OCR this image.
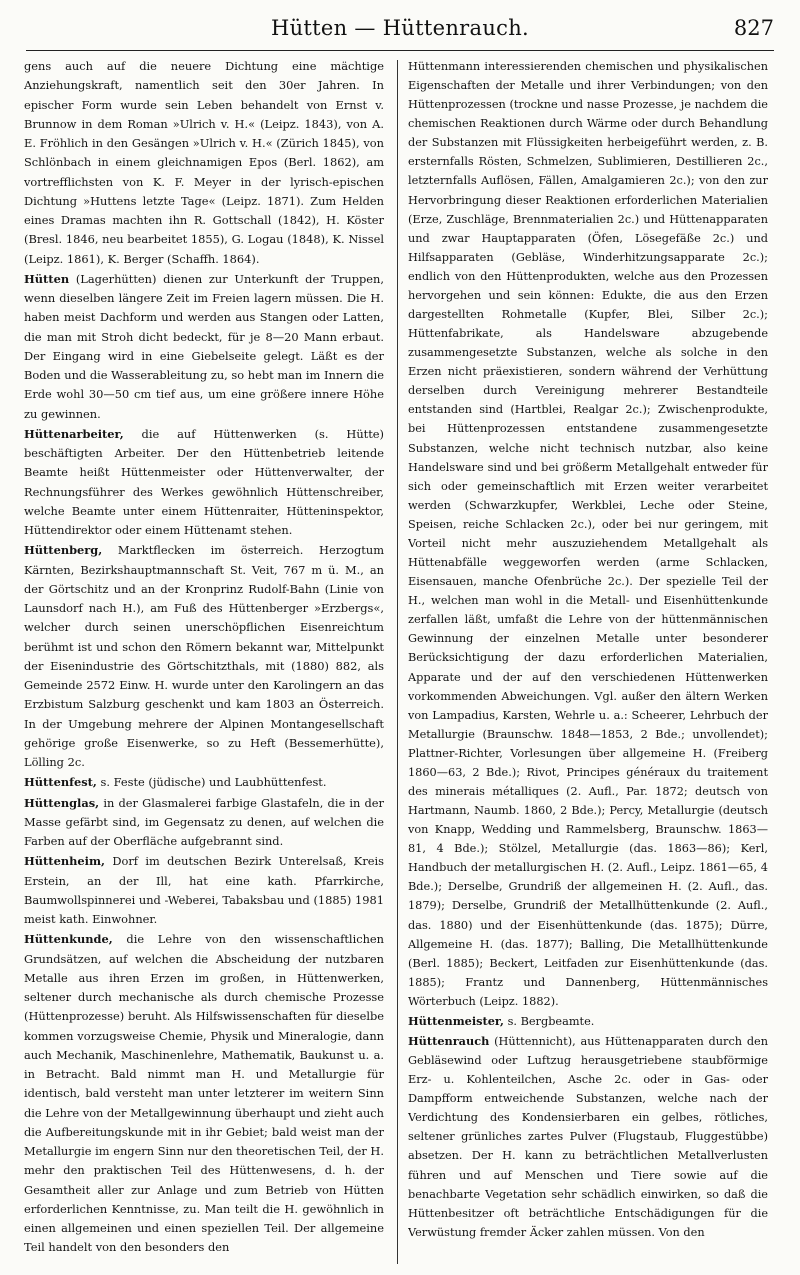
Hütten — Hüttenrauch.	827

gens auch auf die neuere Dichtung eine mächtige Anziehungskraft, namentlich seit den 30er Jahren. In epischer Form wurde sein Leben behandelt von Ernst v. Brunnow in dem Roman »Ulrich v. H.« (Leipz. 1843), von A. E. Fröhlich in den Gesängen »Ulrich v. H.« (Zürich 1845), von Schlönbach in einem gleichnamigen Epos (Berl. 1862), am vortrefflichsten von K. F. Meyer in der lyrisch-epischen Dichtung »Huttens letzte Tage« (Leipz. 1871). Zum Helden eines Dramas machten ihn R. Gottschall (1842), H. Köster (Bresl. 1846, neu bearbeitet 1855), G. Logau (1848), K. Nissel (Leipz. 1861), K. Berger (Schaffh. 1864).

Hütten (Lagerhütten) dienen zur Unterkunft der Truppen, wenn dieselben längere Zeit im Freien lagern müssen. Die H. haben meist Dachform und werden aus Stangen oder Latten, die man mit Stroh dicht bedeckt, für je 8—20 Mann erbaut. Der Eingang wird in eine Giebelseite gelegt. Läßt es der Boden und die Wasserableitung zu, so hebt man im Innern die Erde wohl 30—50 cm tief aus, um eine größere innere Höhe zu gewinnen.

Hüttenarbeiter, die auf Hüttenwerken (s. Hütte) beschäftigten Arbeiter. Der den Hüttenbetrieb leitende Beamte heißt Hüttenmeister oder Hüttenverwalter, der Rechnungsführer des Werkes gewöhnlich Hüttenschreiber, welche Beamte unter einem Hüttenraiter, Hütteninspektor, Hüttendirektor oder einem Hüttenamt stehen.

Hüttenberg, Marktflecken im österreich. Herzogtum Kärnten, Bezirkshauptmannschaft St. Veit, 767 m ü. M., an der Görtschitz und an der Kronprinz Rudolf-Bahn (Linie von Launsdorf nach H.), am Fuß des Hüttenberger »Erzbergs«, welcher durch seinen unerschöpflichen Eisenreichtum berühmt ist und schon den Römern bekannt war, Mittelpunkt der Eisenindustrie des Görtschitzthals, mit (1880) 882, als Gemeinde 2572 Einw. H. wurde unter den Karolingern an das Erzbistum Salzburg geschenkt und kam 1803 an Österreich. In der Umgebung mehrere der Alpinen Montangesellschaft gehörige große Eisenwerke, so zu Heft (Bessemerhütte), Lölling 2c.

Hüttenfest, s. Feste (jüdische) und Laubhüttenfest.

Hüttenglas, in der Glasmalerei farbige Glastafeln, die in der Masse gefärbt sind, im Gegensatz zu denen, auf welchen die Farben auf der Oberfläche aufgebrannt sind.

Hüttenheim, Dorf im deutschen Bezirk Unterelsaß, Kreis Erstein, an der Ill, hat eine kath. Pfarrkirche, Baumwollspinnerei und -Weberei, Tabaksbau und (1885) 1981 meist kath. Einwohner.

Hüttenkunde, die Lehre von den wissenschaftlichen Grundsätzen, auf welchen die Abscheidung der nutzbaren Metalle aus ihren Erzen im großen, in Hüttenwerken, seltener durch mechanische als durch chemische Prozesse (Hüttenprozesse) beruht. Als Hilfswissenschaften für dieselbe kommen vorzugsweise Chemie, Physik und Mineralogie, dann auch Mechanik, Maschinenlehre, Mathematik, Baukunst u. a. in Betracht. Bald nimmt man H. und Metallurgie für identisch, bald versteht man unter letzterer im weitern Sinn die Lehre von der Metallgewinnung überhaupt und zieht auch die Aufbereitungskunde mit in ihr Gebiet; bald weist man der Metallurgie im engern Sinn nur den theoretischen Teil, der H. mehr den praktischen Teil des Hüttenwesens, d. h. der Gesamtheit aller zur Anlage und zum Betrieb von Hütten erforderlichen Kenntnisse, zu. Man teilt die H. gewöhnlich in einen allgemeinen und einen speziellen Teil. Der allgemeine Teil handelt von den besonders den

Hüttenmann interessierenden chemischen und physikalischen Eigenschaften der Metalle und ihrer Verbindungen; von den Hüttenprozessen (trockne und nasse Prozesse, je nachdem die chemischen Reaktionen durch Wärme oder durch Behandlung der Substanzen mit Flüssigkeiten herbeigeführt werden, z. B. ersternfalls Rösten, Schmelzen, Sublimieren, Destillieren 2c., letzternfalls Auflösen, Fällen, Amalgamieren 2c.); von den zur Hervorbringung dieser Reaktionen erforderlichen Materialien (Erze, Zuschläge, Brennmaterialien 2c.) und Hüttenapparaten und zwar Hauptapparaten (Öfen, Lösegefäße 2c.) und Hilfsapparaten (Gebläse, Winderhitzungsapparate 2c.); endlich von den Hüttenprodukten, welche aus den Prozessen hervorgehen und sein können: Edukte, die aus den Erzen dargestellten Rohmetalle (Kupfer, Blei, Silber 2c.); Hüttenfabrikate, als Handelsware abzugebende zusammengesetzte Substanzen, welche als solche in den Erzen nicht präexistieren, sondern während der Verhüttung derselben durch Vereinigung mehrerer Bestandteile entstanden sind (Hartblei, Realgar 2c.); Zwischenprodukte, bei Hüttenprozessen entstandene zusammengesetzte Substanzen, welche nicht technisch nutzbar, also keine Handelsware sind und bei größerm Metallgehalt entweder für sich oder gemeinschaftlich mit Erzen weiter verarbeitet werden (Schwarzkupfer, Werkblei, Leche oder Steine, Speisen, reiche Schlacken 2c.), oder bei nur geringem, mit Vorteil nicht mehr auszuziehendem Metallgehalt als Hüttenabfälle weggeworfen werden (arme Schlacken, Eisensauen, manche Ofenbrüche 2c.). Der spezielle Teil der H., welchen man wohl in die Metall- und Eisenhüttenkunde zerfallen läßt, umfaßt die Lehre von der hüttenmännischen Gewinnung der einzelnen Metalle unter besonderer Berücksichtigung der dazu erforderlichen Materialien, Apparate und der auf den verschiedenen Hüttenwerken vorkommenden Abweichungen. Vgl. außer den ältern Werken von Lampadius, Karsten, Wehrle u. a.: Scheerer, Lehrbuch der Metallurgie (Braunschw. 1848—1853, 2 Bde.; unvollendet); Plattner-Richter, Vorlesungen über allgemeine H. (Freiberg 1860—63, 2 Bde.); Rivot, Principes généraux du traitement des minerais métalliques (2. Aufl., Par. 1872; deutsch von Hartmann, Naumb. 1860, 2 Bde.); Percy, Metallurgie (deutsch von Knapp, Wedding und Rammelsberg, Braunschw. 1863—81, 4 Bde.); Stölzel, Metallurgie (das. 1863—86); Kerl, Handbuch der metallurgischen H. (2. Aufl., Leipz. 1861—65, 4 Bde.); Derselbe, Grundriß der allgemeinen H. (2. Aufl., das. 1879); Derselbe, Grundriß der Metallhüttenkunde (2. Aufl., das. 1880) und der Eisenhüttenkunde (das. 1875); Dürre, Allgemeine H. (das. 1877); Balling, Die Metallhüttenkunde (Berl. 1885); Beckert, Leitfaden zur Eisenhüttenkunde (das. 1885); Frantz und Dannenberg, Hüttenmännisches Wörterbuch (Leipz. 1882).

Hüttenmeister, s. Bergbeamte.

Hüttenrauch (Hüttennicht), aus Hüttenapparaten durch den Gebläsewind oder Luftzug herausgetriebene staubförmige Erz- u. Kohlenteilchen, Asche 2c. oder in Gas- oder Dampfform entweichende Substanzen, welche nach der Verdichtung des Kondensierbaren ein gelbes, rötliches, seltener grünliches zartes Pulver (Flugstaub, Fluggestübbe) absetzen. Der H. kann zu beträchtlichen Metallverlusten führen und auf Menschen und Tiere sowie auf die benachbarte Vegetation sehr schädlich einwirken, so daß die Hüttenbesitzer oft beträchtliche Entschädigungen für die Verwüstung fremder Äcker zahlen müssen. Von den
